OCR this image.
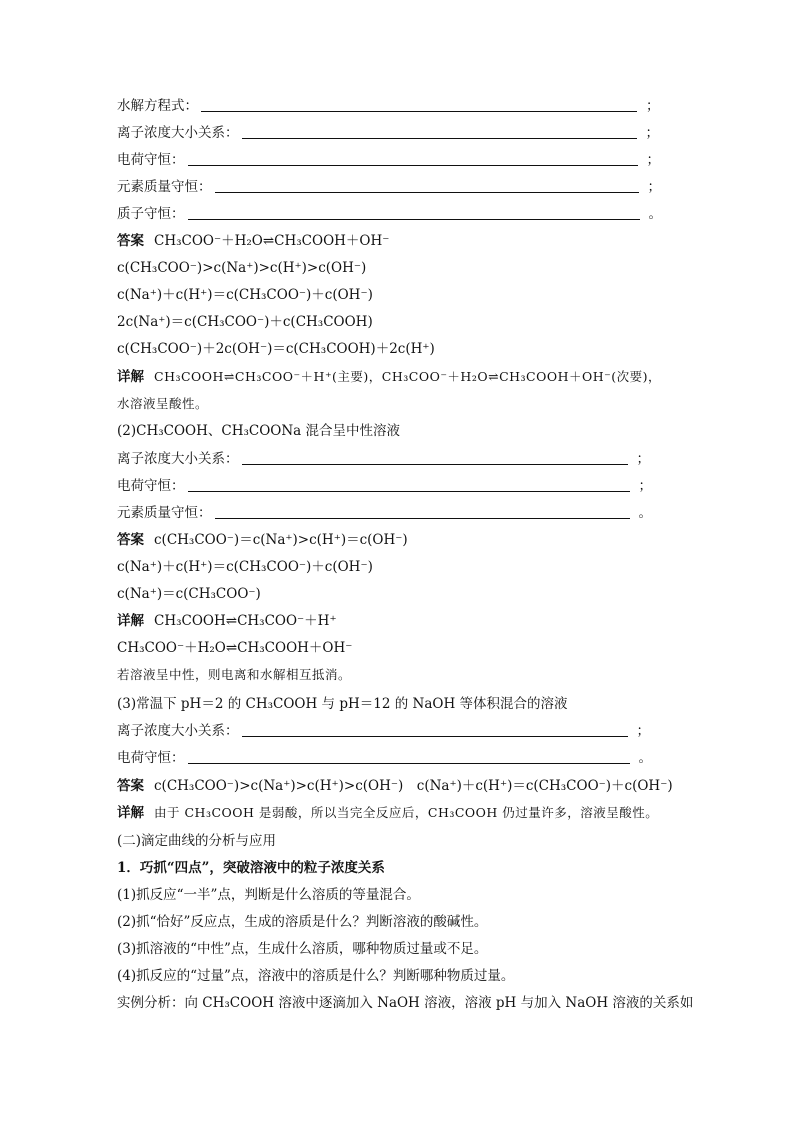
水解方程式：	；
离子浓度大小关系：	；
电荷守恒：	；
元素质量守恒：	；
质子守恒：	。
答案 CH₃COO⁻＋H₂O⇌CH₃COOH＋OH⁻
c(CH₃COO⁻)>c(Na⁺)>c(H⁺)>c(OH⁻)
c(Na⁺)＋c(H⁺)＝c(CH₃COO⁻)＋c(OH⁻)
2c(Na⁺)＝c(CH₃COO⁻)＋c(CH₃COOH)
c(CH₃COO⁻)＋2c(OH⁻)＝c(CH₃COOH)＋2c(H⁺)
详解 CH₃COOH⇌CH₃COO⁻＋H⁺(主要)，CH₃COO⁻＋H₂O⇌CH₃COOH＋OH⁻(次要)，
水溶液呈酸性。
(2)CH₃COOH、CH₃COONa 混合呈中性溶液
离子浓度大小关系：	；
电荷守恒：	；
元素质量守恒：	。
答案 c(CH₃COO⁻)＝c(Na⁺)>c(H⁺)＝c(OH⁻)
c(Na⁺)＋c(H⁺)＝c(CH₃COO⁻)＋c(OH⁻)
c(Na⁺)＝c(CH₃COO⁻)
详解 CH₃COOH⇌CH₃COO⁻＋H⁺
CH₃COO⁻＋H₂O⇌CH₃COOH＋OH⁻
若溶液呈中性，则电离和水解相互抵消。
(3)常温下 pH＝2 的 CH₃COOH 与 pH＝12 的 NaOH 等体积混合的溶液
离子浓度大小关系：	；
电荷守恒：	。
答案 c(CH₃COO⁻)>c(Na⁺)>c(H⁺)>c(OH⁻)　c(Na⁺)＋c(H⁺)＝c(CH₃COO⁻)＋c(OH⁻)
详解 由于 CH₃COOH 是弱酸，所以当完全反应后，CH₃COOH 仍过量许多，溶液呈酸性。
(二)滴定曲线的分析与应用
1．巧抓“四点”，突破溶液中的粒子浓度关系
(1)抓反应“一半”点，判断是什么溶质的等量混合。
(2)抓“恰好”反应点，生成的溶质是什么？判断溶液的酸碱性。
(3)抓溶液的“中性”点，生成什么溶质，哪种物质过量或不足。
(4)抓反应的“过量”点，溶液中的溶质是什么？判断哪种物质过量。
实例分析：向 CH₃COOH 溶液中逐滴加入 NaOH 溶液，溶液 pH 与加入 NaOH 溶液的关系如
